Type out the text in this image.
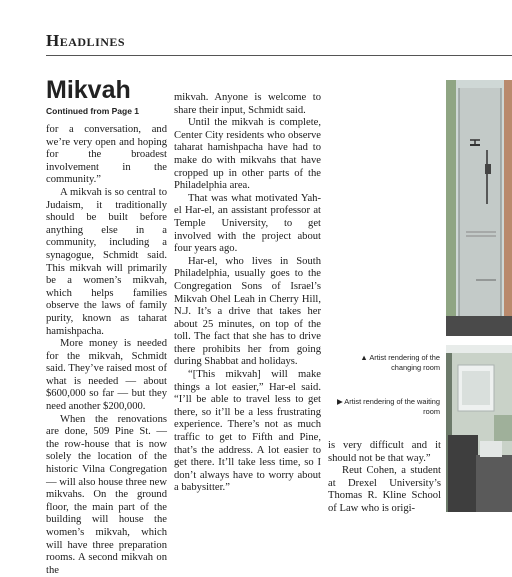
Headlines
Mikvah
Continued from Page 1

for a conversation, and we’re very open and hoping for the broadest involvement in the community.”

A mikvah is so central to Judaism, it traditionally should be built before anything else in a community, including a synagogue, Schmidt said. This mikvah will primarily be a women’s mikvah, which helps families observe the laws of family purity, known as taharat hamishpacha.

More money is needed for the mikvah, Schmidt said. They’ve raised most of what is needed — about $600,000 so far — but they need another $200,000.

When the renovations are done, 509 Pine St. — the row-house that is now solely the location of the historic Vilna Congregation — will also house three new mikvahs. On the ground floor, the main part of the building will house the women’s mikvah, which will have three preparation rooms. A second mikvah on the

mikvah. Anyone is welcome to share their input, Schmidt said.

Until the mikvah is complete, Center City residents who observe taharat hamishpacha have had to make do with mikvahs that have cropped up in other parts of the Philadelphia area.

That was what motivated Yah-el Har-el, an assistant professor at Temple University, to get involved with the project about four years ago.

Har-el, who lives in South Philadelphia, usually goes to the Congregation Sons of Israel’s Mikvah Ohel Leah in Cherry Hill, N.J. It’s a drive that takes her about 25 minutes, on top of the toll. The fact that she has to drive there prohibits her from going during Shabbat and holidays.

“[This mikvah] will make things a lot easier,” Har-el said. “I’ll be able to travel less to get there, so it’ll be a less frustrating experience. There’s not as much traffic to get to Fifth and Pine, that’s the address. A lot easier to get there. It’ll take less time, so I don’t always have to worry about a babysitter.”

is very difficult and it should not be that way.”

Reut Cohen, a student at Drexel University’s Thomas R. Kline School of Law who is origi-

▲ Artist rendering of the changing room
▶ Artist rendering of the waiting room
